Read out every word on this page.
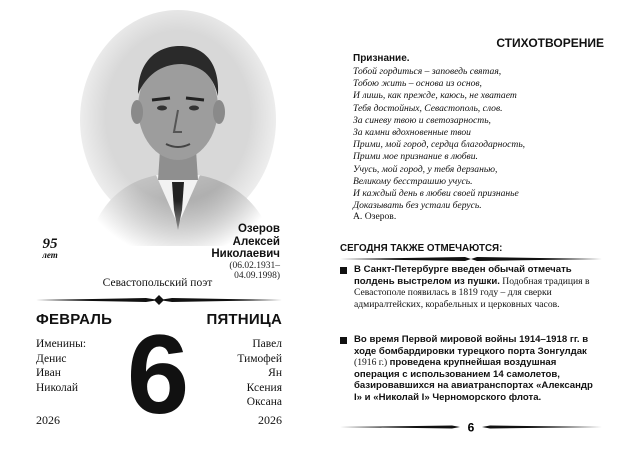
95
лет
Озеров
Алексей
Николаевич
(06.02.1931–
04.09.1998)
Севастопольский поэт
ФЕВРАЛЬ	ПЯТНИЦА
6
Именины:
Денис
Иван
Николай
Павел
Тимофей
Ян
Ксения
Оксана
2026	2026
СТИХОТВОРЕНИЕ
Признание.
Тобой гордиться – заповедь святая,
Тобою жить – основа из основ,
И лишь, как прежде, каюсь, не хватает
Тебя достойных, Севастополь, слов.
За синеву твою и светозарность,
За камни вдохновенные твои
Прими, мой город, сердца благодарность,
Прими мое признание в любви.
Учусь, мой город, у тебя дерзанью,
Великому бесстрашию учусь.
И каждый день в любви своей признанье
Доказывать без устали берусь.
А. Озеров.
СЕГОДНЯ ТАКЖЕ ОТМЕЧАЮТСЯ:
В Санкт-Петербурге введен обычай отмечать полдень выстрелом из пушки. Подобная традиция в Севастополе появилась в 1819 году – для сверки адмиралтейских, корабельных и церковных часов.
Во время Первой мировой войны 1914–1918 гг. в ходе бомбардировки турецкого порта Зонгулдак (1916 г.) проведена крупнейшая воздушная операция с использованием 14 самолетов, базировавшихся на авиатранспортах «Александр I» и «Николай I» Черноморского флота.
6
